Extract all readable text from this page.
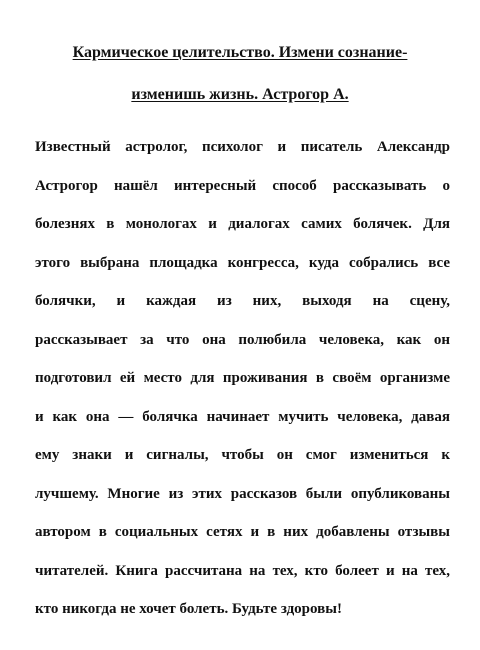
Кармическое целительство. Измени сознание-
изменишь жизнь. Астрогор А.
Известный астролог, психолог и писатель Александр
Астрогор нашёл интересный способ рассказывать о
болезнях в монологах и диалогах самих болячек. Для
этого выбрана площадка конгресса, куда собрались все
болячки, и каждая из них, выходя на сцену,
рассказывает за что она полюбила человека, как он
подготовил ей место для проживания в своём организме
и как она — болячка начинает мучить человека, давая
ему знаки и сигналы, чтобы он смог измениться к
лучшему. Многие из этих рассказов были опубликованы
автором в социальных сетях и в них добавлены отзывы
читателей. Книга рассчитана на тех, кто болеет и на тех,
кто никогда не хочет болеть. Будьте здоровы!
